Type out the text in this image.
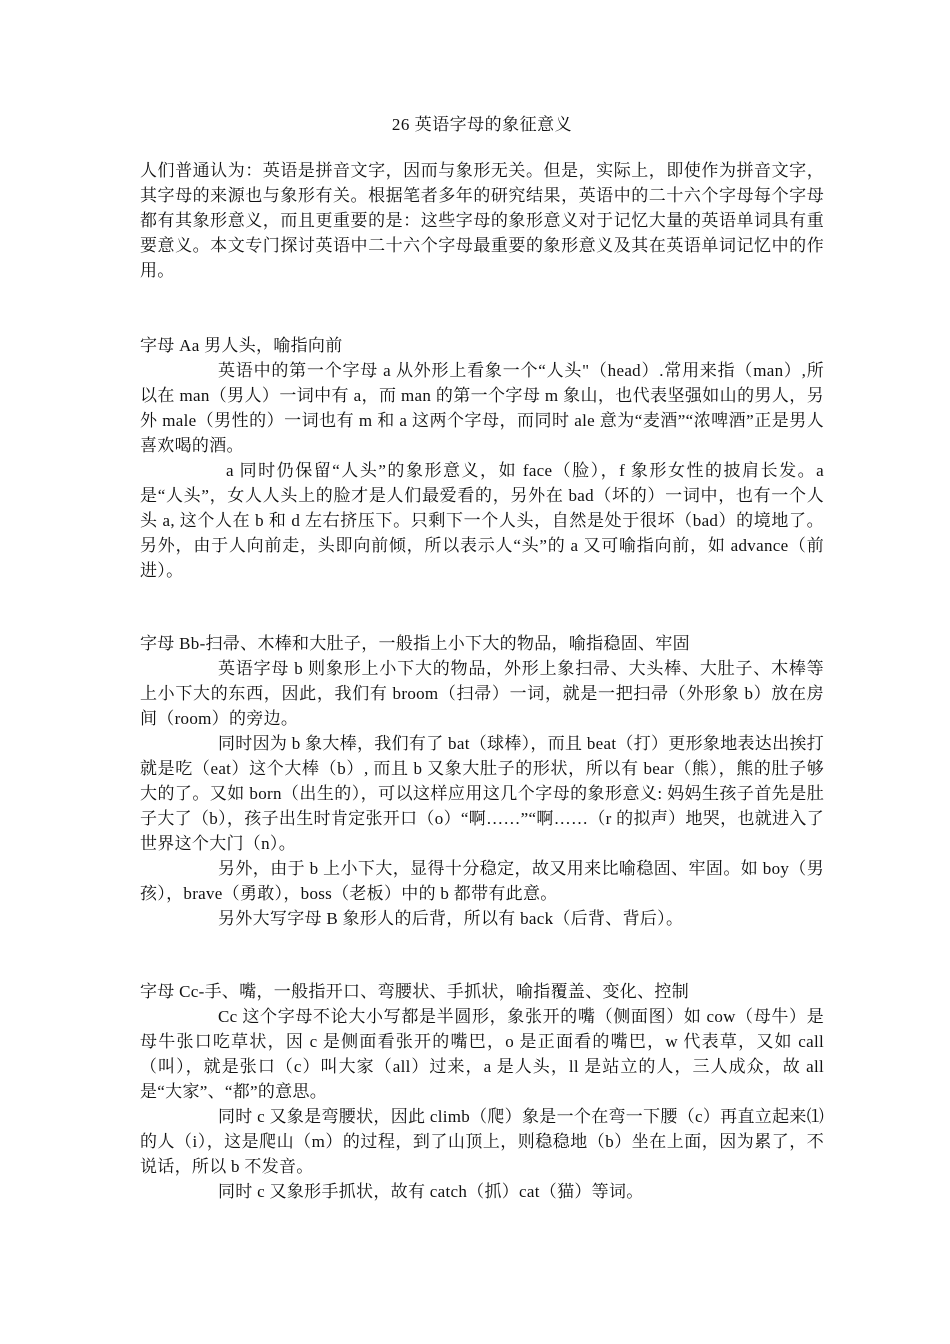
26 英语字母的象征意义

人们普通认为：英语是拼音文字，因而与象形无关。但是，实际上，即使作为拼音文字，其字母的来源也与象形有关。根据笔者多年的研究结果，英语中的二十六个字母每个字母都有其象形意义，而且更重要的是：这些字母的象形意义对于记忆大量的英语单词具有重要意义。本文专门探讨英语中二十六个字母最重要的象形意义及其在英语单词记忆中的作用。

字母 Aa 男人头，喻指向前

英语中的第一个字母 a 从外形上看象一个“人头"（head）.常用来指（man）,所以在 man（男人）一词中有 a，而 man 的第一个字母 m 象山，也代表坚强如山的男人，另外 male（男性的）一词也有 m 和 a 这两个字母，而同时 ale 意为“麦酒”“浓啤酒”正是男人喜欢喝的酒。

a 同时仍保留“人头”的象形意义，如 face（脸），f 象形女性的披肩长发。a 是“人头”，女人人头上的脸才是人们最爱看的，另外在 bad（坏的）一词中，也有一个人头 a, 这个人在 b 和 d 左右挤压下。只剩下一个人头，自然是处于很坏（bad）的境地了。另外，由于人向前走，头即向前倾，所以表示人“头”的 a 又可喻指向前，如 advance（前进）。

字母 Bb-扫帚、木棒和大肚子，一般指上小下大的物品，喻指稳固、牢固

英语字母 b 则象形上小下大的物品，外形上象扫帚、大头棒、大肚子、木棒等上小下大的东西，因此，我们有 broom（扫帚）一词，就是一把扫帚（外形象 b）放在房间（room）的旁边。

同时因为 b 象大棒，我们有了 bat（球棒），而且 beat（打）更形象地表达出挨打就是吃（eat）这个大棒（b）, 而且 b 又象大肚子的形状，所以有 bear（熊），熊的肚子够大的了。又如 born（出生的），可以这样应用这几个字母的象形意义: 妈妈生孩子首先是肚子大了（b），孩子出生时肯定张开口（o）“啊……”“啊……（r 的拟声）地哭，也就进入了世界这个大门（n）。

另外，由于 b 上小下大，显得十分稳定，故又用来比喻稳固、牢固。如 boy（男孩），brave（勇敢），boss（老板）中的 b 都带有此意。

另外大写字母 B 象形人的后背，所以有 back（后背、背后）。

字母 Cc-手、嘴，一般指开口、弯腰状、手抓状，喻指覆盖、变化、控制

Cc 这个字母不论大小写都是半圆形，象张开的嘴（侧面图）如 cow（母牛）是母牛张口吃草状，因 c 是侧面看张开的嘴巴，o 是正面看的嘴巴，w 代表草，又如 call（叫），就是张口（c）叫大家（all）过来，a 是人头，ll 是站立的人，三人成众，故 all 是“大家”、“都”的意思。

同时 c 又象是弯腰状，因此 climb（爬）象是一个在弯一下腰（c）再直立起来⑴的人（i），这是爬山（m）的过程，到了山顶上，则稳稳地（b）坐在上面，因为累了，不说话，所以 b 不发音。

同时 c 又象形手抓状，故有 catch（抓）cat（猫）等词。
